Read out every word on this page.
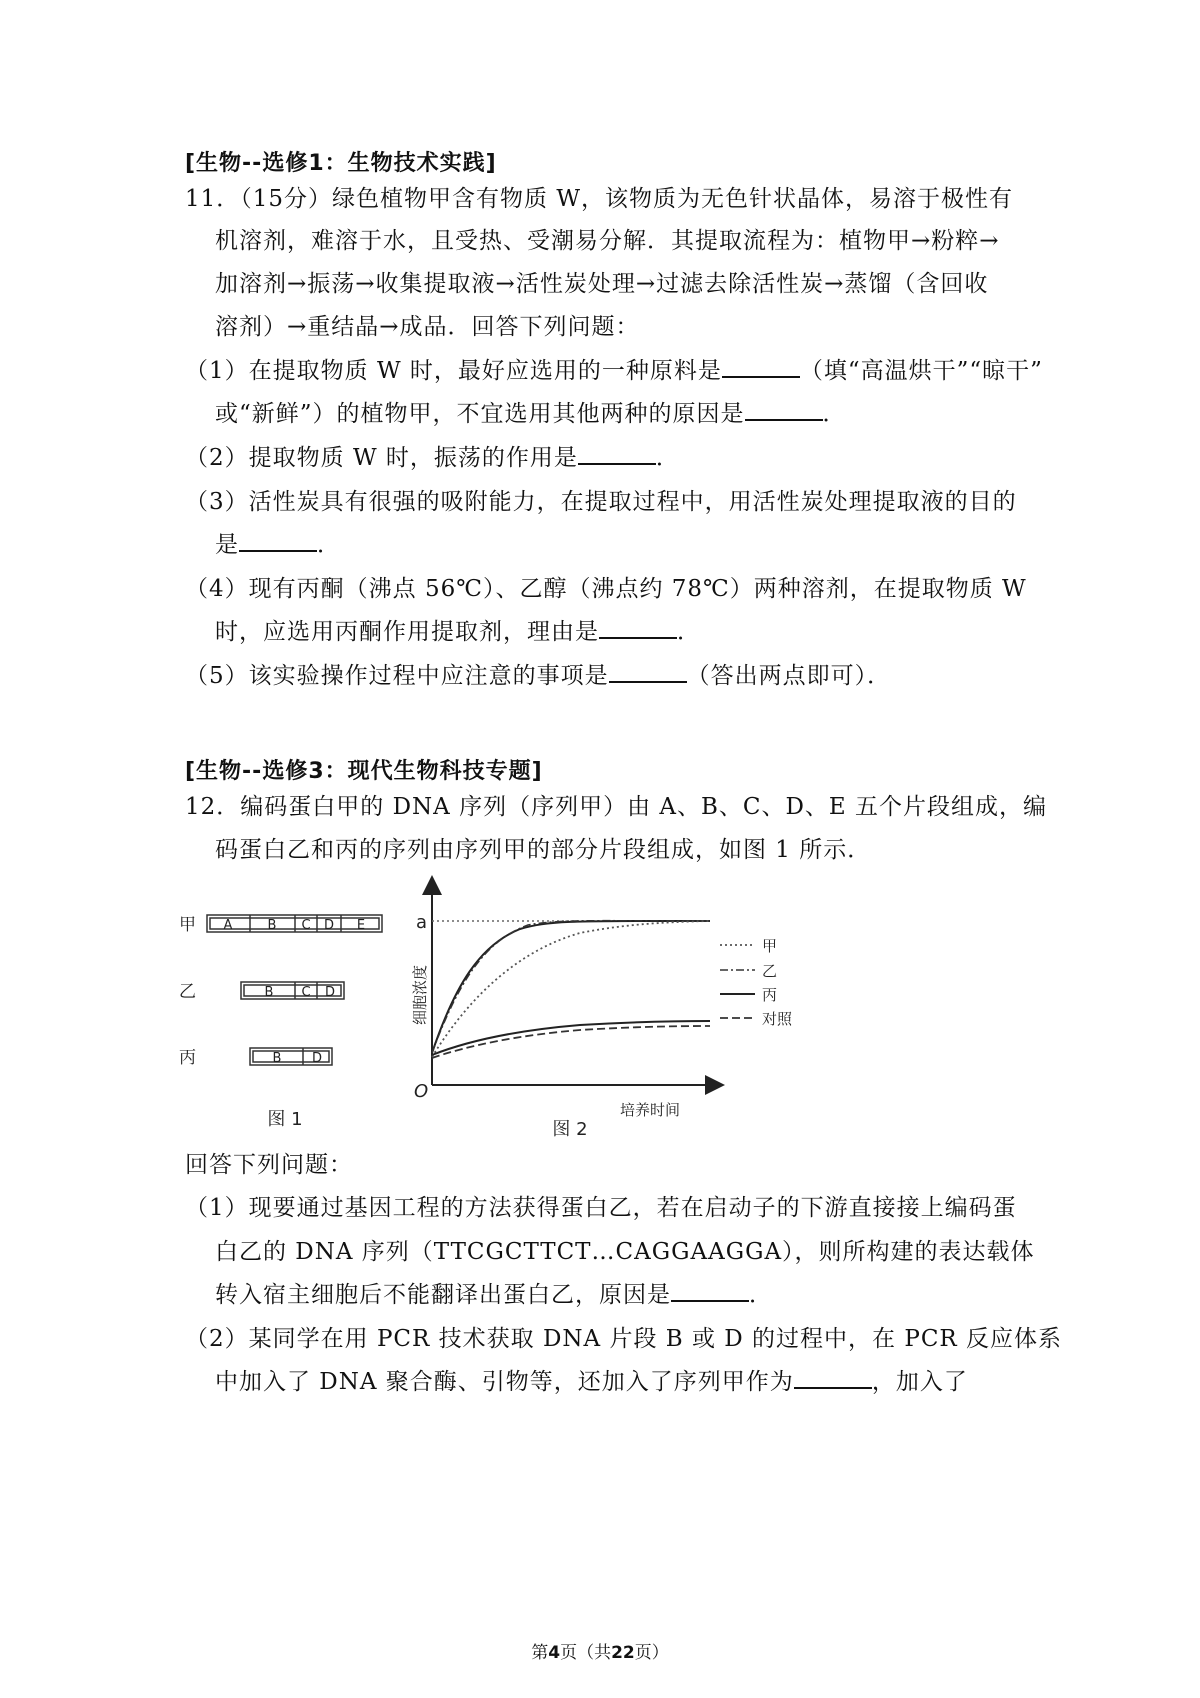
[生物--选修1：生物技术实践]
11．（15分）绿色植物甲含有物质 W，该物质为无色针状晶体，易溶于极性有
机溶剂，难溶于水，且受热、受潮易分解．其提取流程为：植物甲→粉粹→
加溶剂→振荡→收集提取液→活性炭处理→过滤去除活性炭→蒸馏（含回收
溶剂）→重结晶→成品．回答下列问题：
（1）在提取物质 W 时，最好应选用的一种原料是	（填“高温烘干”“晾干”
或“新鲜”）的植物甲，不宜选用其他两种的原因是	．
（2）提取物质 W 时，振荡的作用是	．
（3）活性炭具有很强的吸附能力，在提取过程中，用活性炭处理提取液的目的
是	．
（4）现有丙酮（沸点 56℃）、乙醇（沸点约 78℃）两种溶剂，在提取物质 W
时，应选用丙酮作用提取剂，理由是	．
（5）该实验操作过程中应注意的事项是	（答出两点即可）．
[生物--选修3：现代生物科技专题]
12．编码蛋白甲的 DNA 序列（序列甲）由 A、B、C、D、E 五个片段组成，编
码蛋白乙和丙的序列由序列甲的部分片段组成，如图 1 所示．
甲
乙
丙
A	B C D E
B C D
B D
图 1
O
a
细胞浓度
培养时间
甲
乙
丙
对照
图 2
回答下列问题：
（1）现要通过基因工程的方法获得蛋白乙，若在启动子的下游直接接上编码蛋
白乙的 DNA 序列（TTCGCTTCT…CAGGAAGGA），则所构建的表达载体
转入宿主细胞后不能翻译出蛋白乙，原因是	．
（2）某同学在用 PCR 技术获取 DNA 片段 B 或 D 的过程中，在 PCR 反应体系
中加入了 DNA 聚合酶、引物等，还加入了序列甲作为	，加入了
第4页（共22页）
